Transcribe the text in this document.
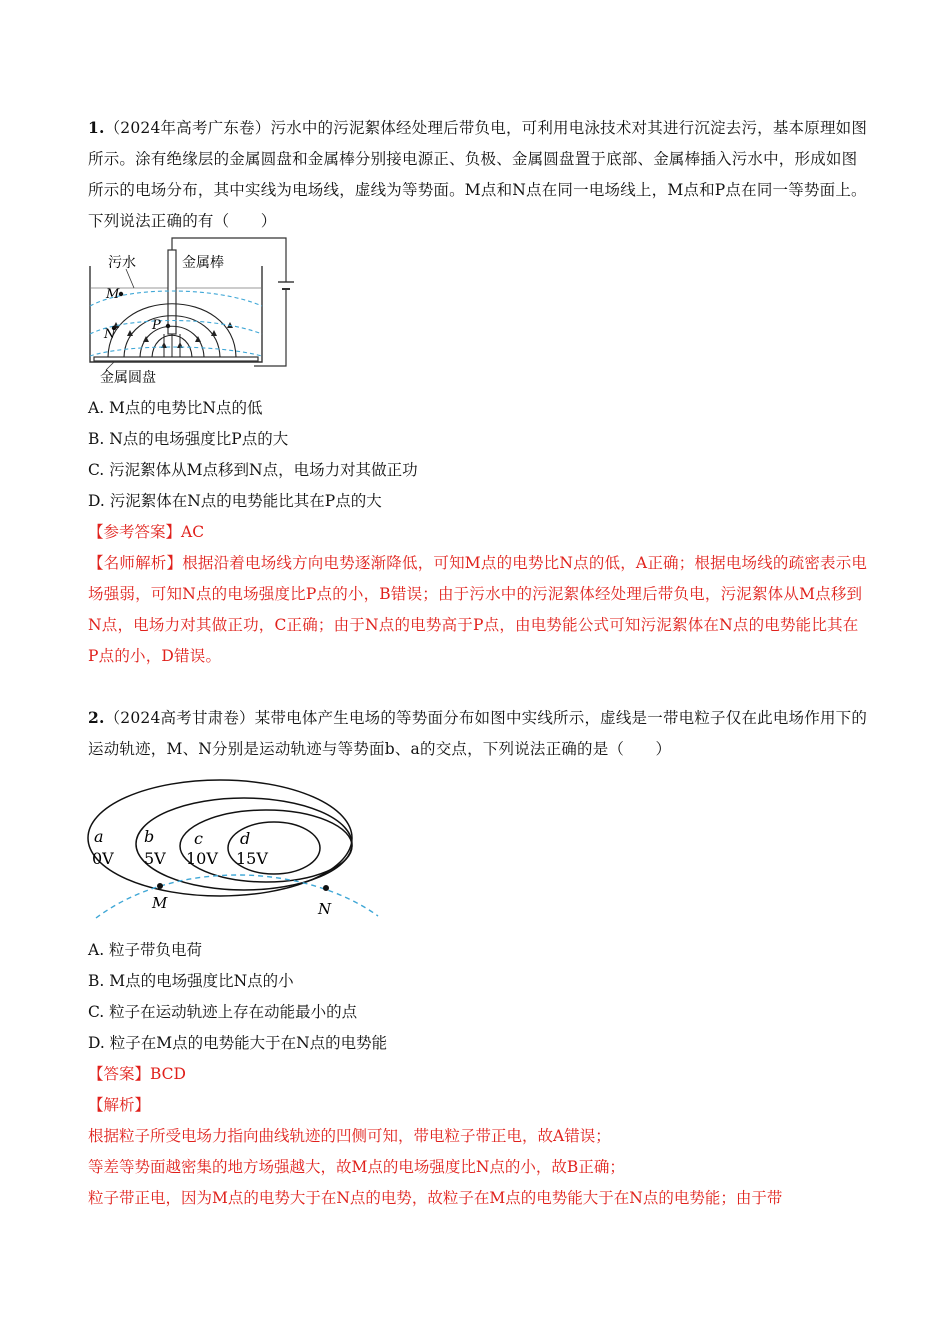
1.（2024年高考广东卷）污水中的污泥絮体经处理后带负电，可利用电泳技术对其进行沉淀去污，基本原理如图所示。涂有绝缘层的金属圆盘和金属棒分别接电源正、负极、金属圆盘置于底部、金属棒插入污水中，形成如图所示的电场分布，其中实线为电场线，虚线为等势面。M点和N点在同一电场线上，M点和P点在同一等势面上。下列说法正确的有（　　）

污水	金属棒
M
N
P
金属圆盘

A. M点的电势比N点的低

B. N点的电场强度比P点的大

C. 污泥絮体从M点移到N点，电场力对其做正功

D. 污泥絮体在N点的电势能比其在P点的大

【参考答案】AC

【名师解析】根据沿着电场线方向电势逐渐降低，可知M点的电势比N点的低，A正确；根据电场线的疏密表示电场强弱，可知N点的电场强度比P点的小，B错误；由于污水中的污泥絮体经处理后带负电，污泥絮体从M点移到N点，电场力对其做正功，C正确；由于N点的电势高于P点，由电势能公式可知污泥絮体在N点的电势能比其在P点的小，D错误。

2.（2024高考甘肃卷）某带电体产生电场的等势面分布如图中实线所示，虚线是一带电粒子仅在此电场作用下的运动轨迹，M、N分别是运动轨迹与等势面b、a的交点，下列说法正确的是（　　）

a
0V
b
5V
c
10V
d
15V
M	N

A. 粒子带负电荷

B. M点的电场强度比N点的小

C. 粒子在运动轨迹上存在动能最小的点

D. 粒子在M点的电势能大于在N点的电势能

【答案】BCD

【解析】

根据粒子所受电场力指向曲线轨迹的凹侧可知，带电粒子带正电，故A错误；

等差等势面越密集的地方场强越大，故M点的电场强度比N点的小，故B正确；

粒子带正电，因为M点的电势大于在N点的电势，故粒子在M点的电势能大于在N点的电势能；由于带
